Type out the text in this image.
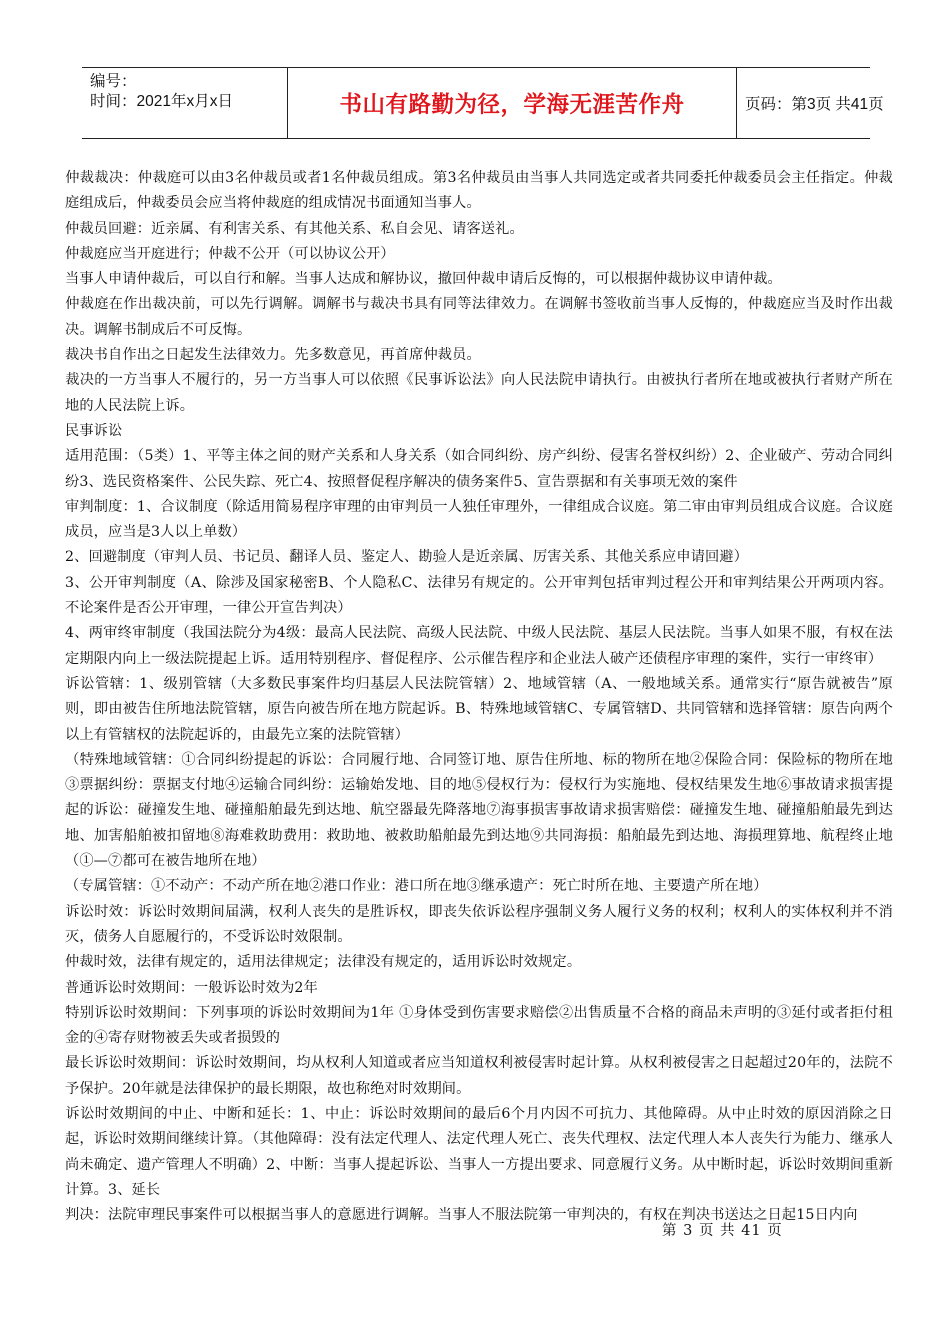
编号：
时间：2021年x月x日	书山有路勤为径，学海无涯苦作舟	页码：第3页 共41页

仲裁裁决：仲裁庭可以由3名仲裁员或者1名仲裁员组成。第3名仲裁员由当事人共同选定或者共同委托仲裁委员会主任指定。仲裁庭组成后，仲裁委员会应当将仲裁庭的组成情况书面通知当事人。

仲裁员回避：近亲属、有利害关系、有其他关系、私自会见、请客送礼。

仲裁庭应当开庭进行；仲裁不公开（可以协议公开）

当事人申请仲裁后，可以自行和解。当事人达成和解协议，撤回仲裁申请后反悔的，可以根据仲裁协议申请仲裁。

仲裁庭在作出裁决前，可以先行调解。调解书与裁决书具有同等法律效力。在调解书签收前当事人反悔的，仲裁庭应当及时作出裁决。调解书制成后不可反悔。

裁决书自作出之日起发生法律效力。先多数意见，再首席仲裁员。

裁决的一方当事人不履行的，另一方当事人可以依照《民事诉讼法》向人民法院申请执行。由被执行者所在地或被执行者财产所在地的人民法院上诉。

民事诉讼

适用范围：（5类）1、平等主体之间的财产关系和人身关系（如合同纠纷、房产纠纷、侵害名誉权纠纷）2、企业破产、劳动合同纠纷3、选民资格案件、公民失踪、死亡4、按照督促程序解决的债务案件5、宣告票据和有关事项无效的案件

审判制度：1、合议制度（除适用简易程序审理的由审判员一人独任审理外，一律组成合议庭。第二审由审判员组成合议庭。合议庭成员，应当是3人以上单数）

2、回避制度（审判人员、书记员、翻译人员、鉴定人、勘验人是近亲属、厉害关系、其他关系应申请回避）

3、公开审判制度（A、除涉及国家秘密B、个人隐私C、法律另有规定的。公开审判包括审判过程公开和审判结果公开两项内容。不论案件是否公开审理，一律公开宣告判决）

4、两审终审制度（我国法院分为4级：最高人民法院、高级人民法院、中级人民法院、基层人民法院。当事人如果不服，有权在法定期限内向上一级法院提起上诉。适用特别程序、督促程序、公示催告程序和企业法人破产还债程序审理的案件，实行一审终审）

诉讼管辖：1、级别管辖（大多数民事案件均归基层人民法院管辖）2、地域管辖（A、一般地域关系。通常实行“原告就被告”原则，即由被告住所地法院管辖，原告向被告所在地方院起诉。B、特殊地域管辖C、专属管辖D、共同管辖和选择管辖：原告向两个以上有管辖权的法院起诉的，由最先立案的法院管辖）

（特殊地域管辖：①合同纠纷提起的诉讼：合同履行地、合同签订地、原告住所地、标的物所在地②保险合同：保险标的物所在地③票据纠纷：票据支付地④运输合同纠纷：运输始发地、目的地⑤侵权行为：侵权行为实施地、侵权结果发生地⑥事故请求损害提起的诉讼：碰撞发生地、碰撞船舶最先到达地、航空器最先降落地⑦海事损害事故请求损害赔偿：碰撞发生地、碰撞船舶最先到达地、加害船舶被扣留地⑧海难救助费用：救助地、被救助船舶最先到达地⑨共同海损：船舶最先到达地、海损理算地、航程终止地（①—⑦都可在被告地所在地）

（专属管辖：①不动产：不动产所在地②港口作业：港口所在地③继承遗产：死亡时所在地、主要遗产所在地）

诉讼时效：诉讼时效期间届满，权利人丧失的是胜诉权，即丧失依诉讼程序强制义务人履行义务的权利；权利人的实体权利并不消灭，债务人自愿履行的，不受诉讼时效限制。

仲裁时效，法律有规定的，适用法律规定；法律没有规定的，适用诉讼时效规定。

普通诉讼时效期间：一般诉讼时效为2年

特别诉讼时效期间：下列事项的诉讼时效期间为1年 ①身体受到伤害要求赔偿②出售质量不合格的商品未声明的③延付或者拒付租金的④寄存财物被丢失或者损毁的

最长诉讼时效期间：诉讼时效期间，均从权利人知道或者应当知道权利被侵害时起计算。从权利被侵害之日起超过20年的，法院不予保护。20年就是法律保护的最长期限，故也称绝对时效期间。

诉讼时效期间的中止、中断和延长：1、中止：诉讼时效期间的最后6个月内因不可抗力、其他障碍。从中止时效的原因消除之日起，诉讼时效期间继续计算。（其他障碍：没有法定代理人、法定代理人死亡、丧失代理权、法定代理人本人丧失行为能力、继承人尚未确定、遗产管理人不明确）2、中断：当事人提起诉讼、当事人一方提出要求、同意履行义务。从中断时起，诉讼时效期间重新计算。3、延长

判决：法院审理民事案件可以根据当事人的意愿进行调解。当事人不服法院第一审判决的，有权在判决书送达之日起15日内向

第 3 页 共 41 页
